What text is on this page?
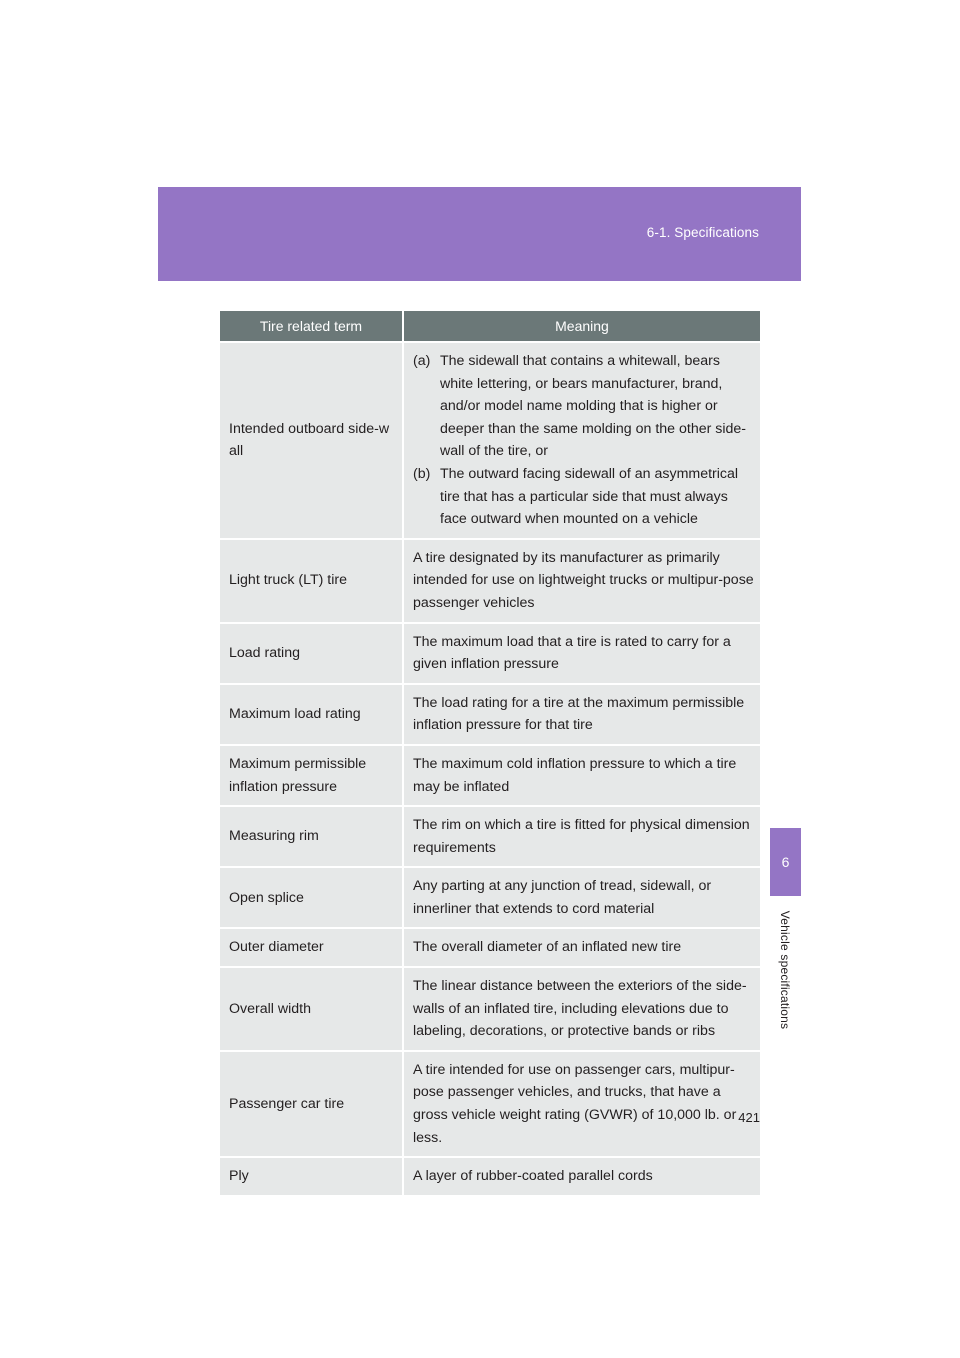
6-1. Specifications
Tire related term	Meaning
Intended outboard side-wall	(a) The sidewall that contains a whitewall, bears white lettering, or bears manufacturer, brand, and/or model name molding that is higher or deeper than the same molding on the other side-wall of the tire, or
(b) The outward facing sidewall of an asymmetrical tire that has a particular side that must always face outward when mounted on a vehicle

Light truck (LT) tire	A tire designated by its manufacturer as primarily intended for use on lightweight trucks or multipur-pose passenger vehicles
Load rating	The maximum load that a tire is rated to carry for a given inflation pressure
Maximum load rating	The load rating for a tire at the maximum permissible inflation pressure for that tire
Maximum permissible inflation pressure	The maximum cold inflation pressure to which a tire may be inflated
Measuring rim	The rim on which a tire is fitted for physical dimension requirements
Open splice	Any parting at any junction of tread, sidewall, or innerliner that extends to cord material
Outer diameter	The overall diameter of an inflated new tire
Overall width	The linear distance between the exteriors of the side-walls of an inflated tire, including elevations due to labeling, decorations, or protective bands or ribs
Passenger car tire	A tire intended for use on passenger cars, multipur-pose passenger vehicles, and trucks, that have a gross vehicle weight rating (GVWR) of 10,000 lb. or less.
Ply	A layer of rubber-coated parallel cords
421
6
Vehicle specifications
